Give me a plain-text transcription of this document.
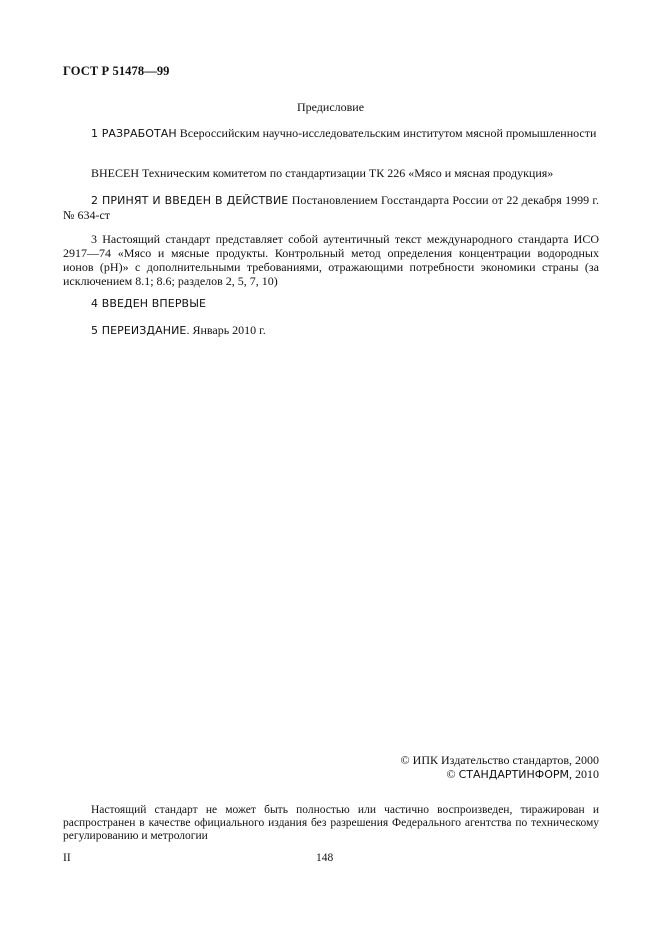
ГОСТ Р 51478—99
Предисловие
1 РАЗРАБОТАН Всероссийским научно-исследовательским институтом мясной промышленности
ВНЕСЕН Техническим комитетом по стандартизации ТК 226 «Мясо и мясная продукция»
2 ПРИНЯТ И ВВЕДЕН В ДЕЙСТВИЕ Постановлением Госстандарта России от 22 декабря 1999 г. № 634-ст
3 Настоящий стандарт представляет собой аутентичный текст международного стандарта ИСО 2917—74 «Мясо и мясные продукты. Контрольный метод определения концентрации водородных ионов (рН)» с дополнительными требованиями, отражающими потребности экономики страны (за исключением 8.1; 8.6; разделов 2, 5, 7, 10)
4 ВВЕДЕН ВПЕРВЫЕ
5 ПЕРЕИЗДАНИЕ. Январь 2010 г.
© ИПК Издательство стандартов, 2000
© СТАНДАРТИНФОРМ, 2010
Настоящий стандарт не может быть полностью или частично воспроизведен, тиражирован и распространен в качестве официального издания без разрешения Федерального агентства по техническому регулированию и метрологии
II	148
